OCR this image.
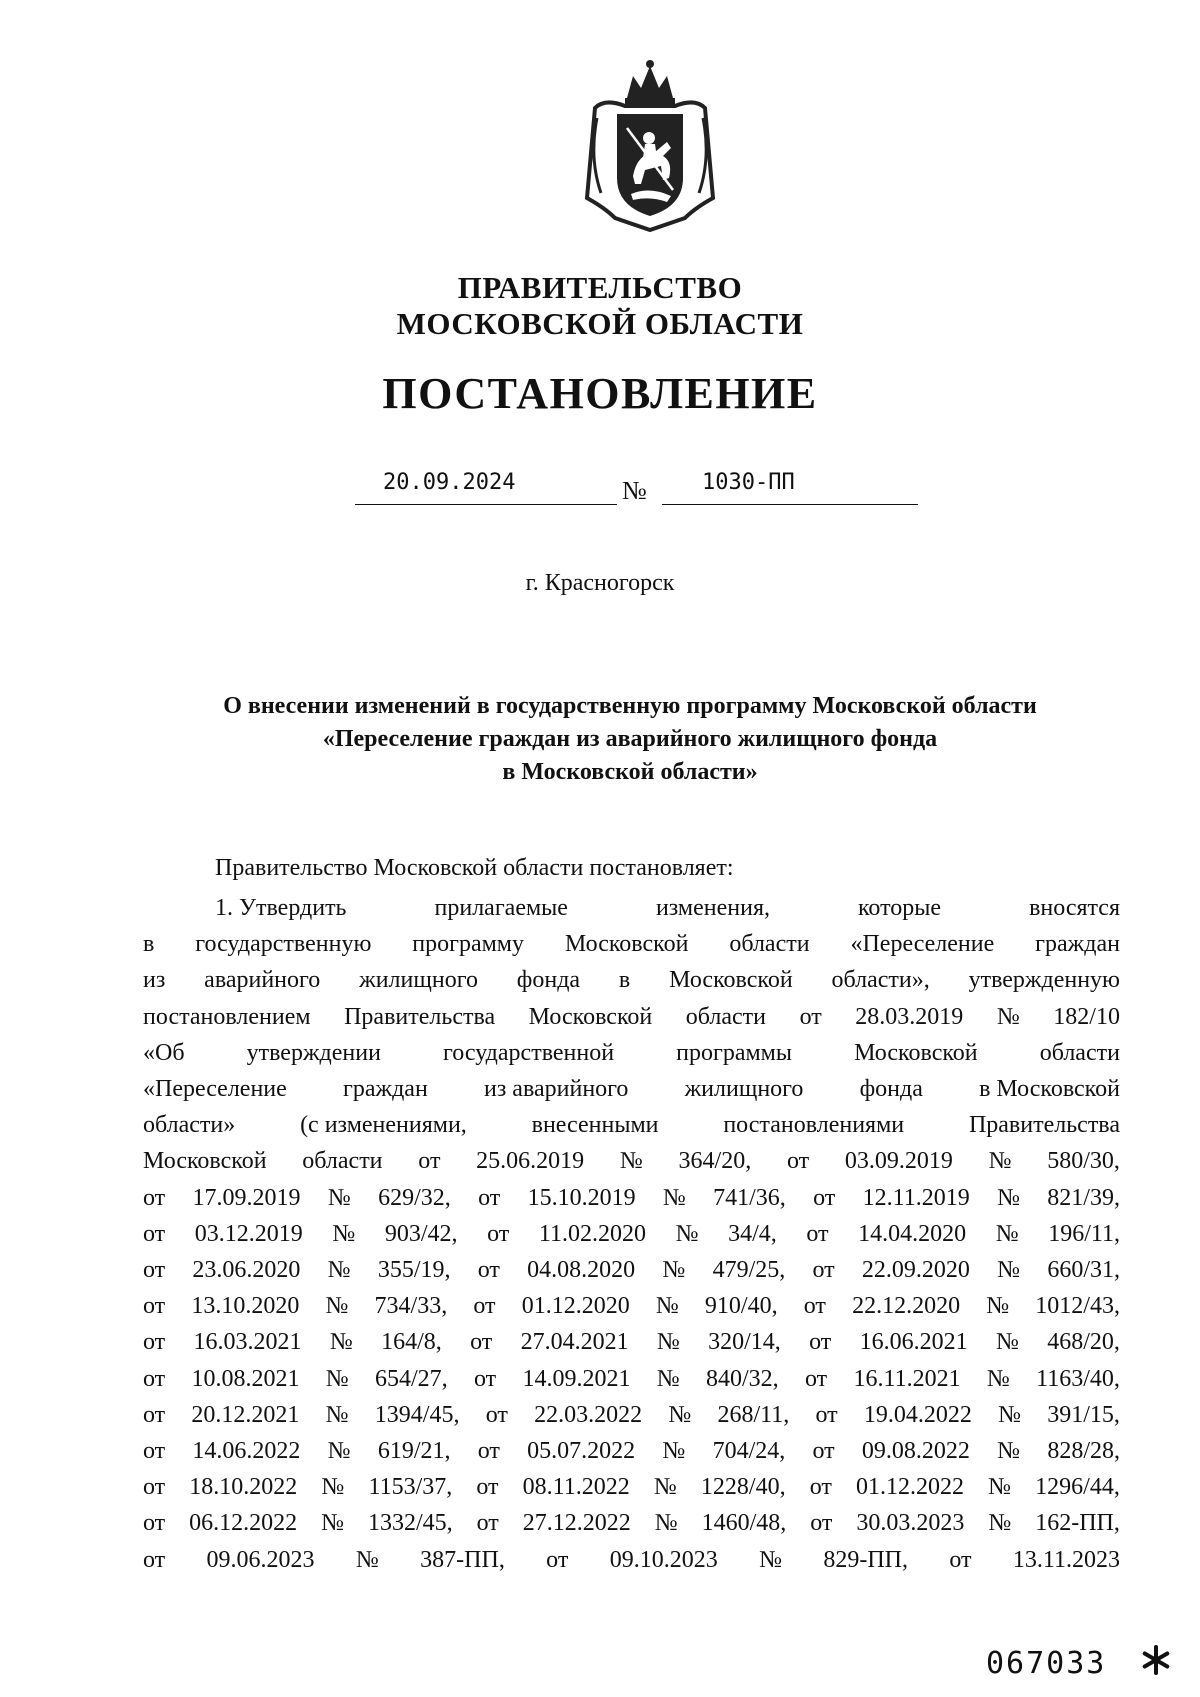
ПРАВИТЕЛЬСТВО
МОСКОВСКОЙ ОБЛАСТИ
ПОСТАНОВЛЕНИЕ
20.09.2024	№	1030-ПП
г. Красногорск
О внесении изменений в государственную программу Московской области
«Переселение граждан из аварийного жилищного фонда
в Московской области»
Правительство Московской области постановляет:
1. Утвердить	прилагаемые	изменения,	которые	вносятся
в государственную программу Московской области «Переселение граждан
из аварийного жилищного фонда в Московской области», утвержденную
постановлением Правительства Московской области от 28.03.2019 № 182/10
«Об	утверждении	государственной	программы	Московской	области
«Переселение граждан из аварийного жилищного фонда в Московской
области»	(с изменениями,	внесенными	постановлениями	Правительства
Московской области от 25.06.2019 № 364/20, от 03.09.2019 № 580/30,
от 17.09.2019 № 629/32, от 15.10.2019 № 741/36, от 12.11.2019 № 821/39,
от 03.12.2019 № 903/42, от 11.02.2020 № 34/4, от 14.04.2020 № 196/11,
от 23.06.2020 № 355/19, от 04.08.2020 № 479/25, от 22.09.2020 № 660/31,
от 13.10.2020 № 734/33, от 01.12.2020 № 910/40, от 22.12.2020 № 1012/43,
от 16.03.2021 № 164/8, от 27.04.2021 № 320/14, от 16.06.2021 № 468/20,
от 10.08.2021 № 654/27, от 14.09.2021 № 840/32, от 16.11.2021 № 1163/40,
от 20.12.2021 № 1394/45, от 22.03.2022 № 268/11, от 19.04.2022 № 391/15,
от 14.06.2022 № 619/21, от 05.07.2022 № 704/24, от 09.08.2022 № 828/28,
от 18.10.2022 № 1153/37, от 08.11.2022 № 1228/40, от 01.12.2022 № 1296/44,
от 06.12.2022 № 1332/45, от 27.12.2022 № 1460/48, от 30.03.2023 № 162-ПП,
от 09.06.2023 № 387-ПП, от 09.10.2023 № 829-ПП, от 13.11.2023
067033
